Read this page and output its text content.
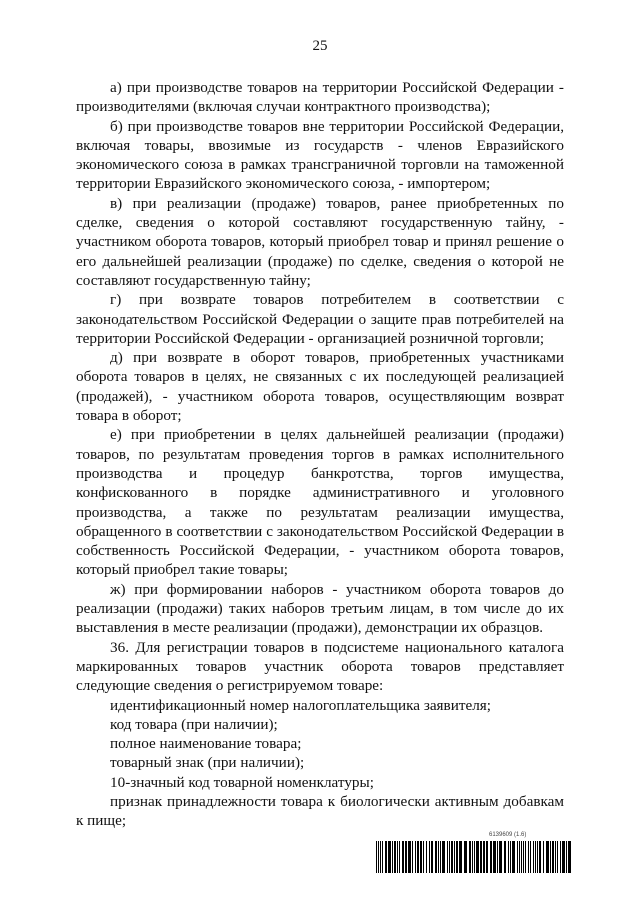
25

а) при производстве товаров на территории Российской Федерации - производителями (включая случаи контрактного производства);

б) при производстве товаров вне территории Российской Федерации, включая товары, ввозимые из государств - членов Евразийского экономического союза в рамках трансграничной торговли на таможенной территории Евразийского экономического союза, - импортером;

в) при реализации (продаже) товаров, ранее приобретенных по сделке, сведения о которой составляют государственную тайну, - участником оборота товаров, который приобрел товар и принял решение о его дальнейшей реализации (продаже) по сделке, сведения о которой не составляют государственную тайну;

г) при возврате товаров потребителем в соответствии с законодательством Российской Федерации о защите прав потребителей на территории Российской Федерации - организацией розничной торговли;

д) при возврате в оборот товаров, приобретенных участниками оборота товаров в целях, не связанных с их последующей реализацией (продажей), - участником оборота товаров, осуществляющим возврат товара в оборот;

е) при приобретении в целях дальнейшей реализации (продажи) товаров, по результатам проведения торгов в рамках исполнительного производства и процедур банкротства, торгов имущества, конфискованного в порядке административного и уголовного производства, а также по результатам реализации имущества, обращенного в соответствии с законодательством Российской Федерации в собственность Российской Федерации, - участником оборота товаров, который приобрел такие товары;

ж) при формировании наборов - участником оборота товаров до реализации (продажи) таких наборов третьим лицам, в том числе до их выставления в месте реализации (продажи), демонстрации их образцов.

36. Для регистрации товаров в подсистеме национального каталога маркированных товаров участник оборота товаров представляет следующие сведения о регистрируемом товаре:

идентификационный номер налогоплательщика заявителя;

код товара (при наличии);

полное наименование товара;

товарный знак (при наличии);

10-значный код товарной номенклатуры;

признак принадлежности товара к биологически активным добавкам к пище;

6139609 (1.6)
